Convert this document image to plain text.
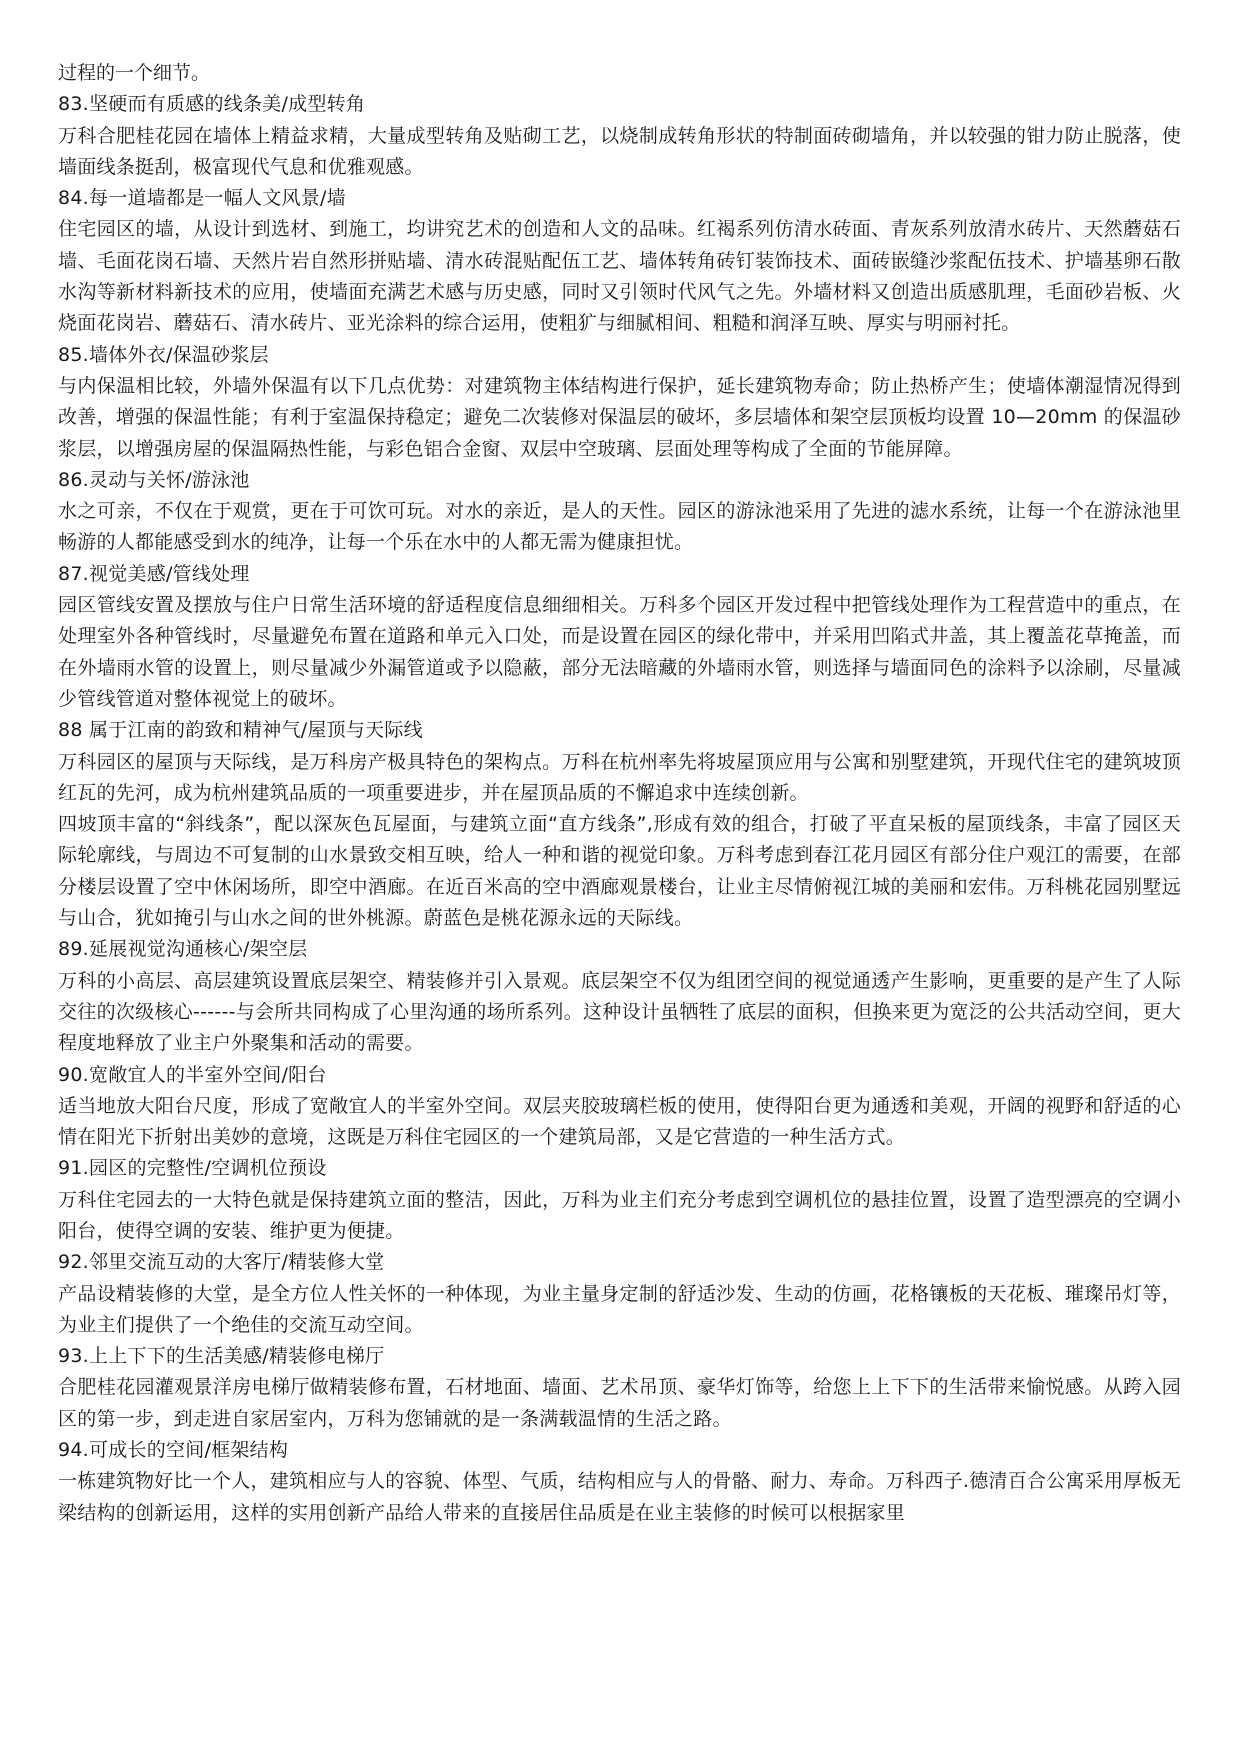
过程的一个细节。

83.坚硬而有质感的线条美/成型转角

万科合肥桂花园在墙体上精益求精，大量成型转角及贴砌工艺，以烧制成转角形状的特制面砖砌墙角，并以较强的钳力防止脱落，使墙面线条挺刮，极富现代气息和优雅观感。

84.每一道墙都是一幅人文风景/墙

住宅园区的墙，从设计到选材、到施工，均讲究艺术的创造和人文的品味。红褐系列仿清水砖面、青灰系列放清水砖片、天然蘑菇石墙、毛面花岗石墙、天然片岩自然形拼贴墙、清水砖混贴配伍工艺、墙体转角砖钉装饰技术、面砖嵌缝沙浆配伍技术、护墙基卵石散水沟等新材料新技术的应用，使墙面充满艺术感与历史感，同时又引领时代风气之先。外墙材料又创造出质感肌理，毛面砂岩板、火烧面花岗岩、蘑菇石、清水砖片、亚光涂料的综合运用，使粗犷与细腻相间、粗糙和润泽互映、厚实与明丽衬托。

85.墙体外衣/保温砂浆层

与内保温相比较，外墙外保温有以下几点优势：对建筑物主体结构进行保护，延长建筑物寿命；防止热桥产生；使墙体潮湿情况得到改善，增强的保温性能；有利于室温保持稳定；避免二次装修对保温层的破坏，多层墙体和架空层顶板均设置 10—20mm 的保温砂浆层，以增强房屋的保温隔热性能，与彩色铝合金窗、双层中空玻璃、层面处理等构成了全面的节能屏障。

86.灵动与关怀/游泳池

水之可亲，不仅在于观赏，更在于可饮可玩。对水的亲近，是人的天性。园区的游泳池采用了先进的滤水系统，让每一个在游泳池里畅游的人都能感受到水的纯净，让每一个乐在水中的人都无需为健康担忧。

87.视觉美感/管线处理

园区管线安置及摆放与住户日常生活环境的舒适程度信息细细相关。万科多个园区开发过程中把管线处理作为工程营造中的重点，在处理室外各种管线时，尽量避免布置在道路和单元入口处，而是设置在园区的绿化带中，并采用凹陷式井盖，其上覆盖花草掩盖，而在外墙雨水管的设置上，则尽量减少外漏管道或予以隐蔽，部分无法暗藏的外墙雨水管，则选择与墙面同色的涂料予以涂刷，尽量减少管线管道对整体视觉上的破坏。

88 属于江南的韵致和精神气/屋顶与天际线

万科园区的屋顶与天际线，是万科房产极具特色的架构点。万科在杭州率先将坡屋顶应用与公寓和别墅建筑，开现代住宅的建筑坡顶红瓦的先河，成为杭州建筑品质的一项重要进步，并在屋顶品质的不懈追求中连续创新。

四坡顶丰富的“斜线条”，配以深灰色瓦屋面，与建筑立面“直方线条”,形成有效的组合，打破了平直呆板的屋顶线条，丰富了园区天际轮廓线，与周边不可复制的山水景致交相互映，给人一种和谐的视觉印象。万科考虑到春江花月园区有部分住户观江的需要，在部分楼层设置了空中休闲场所，即空中酒廊。在近百米高的空中酒廊观景楼台，让业主尽情俯视江城的美丽和宏伟。万科桃花园别墅远与山合，犹如掩引与山水之间的世外桃源。蔚蓝色是桃花源永远的天际线。

89.延展视觉沟通核心/架空层

万科的小高层、高层建筑设置底层架空、精装修并引入景观。底层架空不仅为组团空间的视觉通透产生影响，更重要的是产生了人际交往的次级核心------与会所共同构成了心里沟通的场所系列。这种设计虽牺牲了底层的面积，但换来更为宽泛的公共活动空间，更大程度地释放了业主户外聚集和活动的需要。

90.宽敞宜人的半室外空间/阳台

适当地放大阳台尺度，形成了宽敞宜人的半室外空间。双层夹胶玻璃栏板的使用，使得阳台更为通透和美观，开阔的视野和舒适的心情在阳光下折射出美妙的意境，这既是万科住宅园区的一个建筑局部，又是它营造的一种生活方式。

91.园区的完整性/空调机位预设

万科住宅园去的一大特色就是保持建筑立面的整洁，因此，万科为业主们充分考虑到空调机位的悬挂位置，设置了造型漂亮的空调小阳台，使得空调的安装、维护更为便捷。

92.邻里交流互动的大客厅/精装修大堂

产品设精装修的大堂，是全方位人性关怀的一种体现，为业主量身定制的舒适沙发、生动的仿画，花格镶板的天花板、璀璨吊灯等，为业主们提供了一个绝佳的交流互动空间。

93.上上下下的生活美感/精装修电梯厅

合肥桂花园灌观景洋房电梯厅做精装修布置，石材地面、墙面、艺术吊顶、豪华灯饰等，给您上上下下的生活带来愉悦感。从跨入园区的第一步，到走进自家居室内，万科为您铺就的是一条满载温情的生活之路。

94.可成长的空间/框架结构

一栋建筑物好比一个人，建筑相应与人的容貌、体型、气质，结构相应与人的骨骼、耐力、寿命。万科西子.德清百合公寓采用厚板无梁结构的创新运用，这样的实用创新产品给人带来的直接居住品质是在业主装修的时候可以根据家里
